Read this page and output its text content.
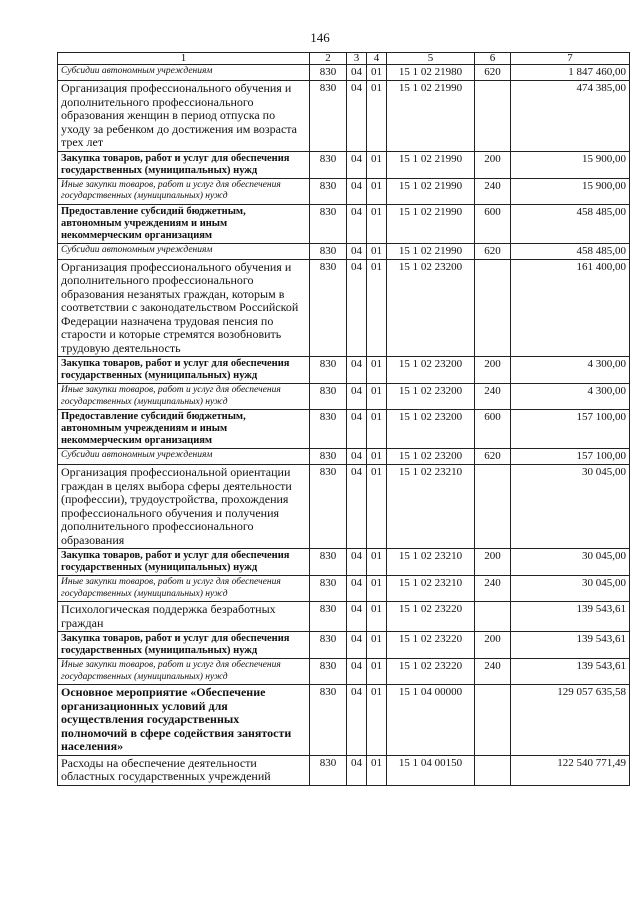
146
1	2	3	4	5	6	7
Субсидии автономным учреждениям	830	04	01	15 1 02 21980	620	1 847 460,00
Организация профессионального обучения и дополнительного профессионального образования женщин в период отпуска по уходу за ребенком до достижения им возраста трех лет	830	04	01	15 1 02 21990		474 385,00
Закупка товаров, работ и услуг для обеспечения государственных (муниципальных) нужд	830	04	01	15 1 02 21990	200	15 900,00
Иные закупки товаров, работ и услуг для обеспечения государственных (муниципальных) нужд	830	04	01	15 1 02 21990	240	15 900,00
Предоставление субсидий бюджетным, автономным учреждениям и иным некоммерческим организациям	830	04	01	15 1 02 21990	600	458 485,00
Субсидии автономным учреждениям	830	04	01	15 1 02 21990	620	458 485,00
Организация профессионального обучения и дополнительного профессионального образования незанятых граждан, которым в соответствии с законодательством Российской Федерации назначена трудовая пенсия по старости и которые стремятся возобновить трудовую деятельность	830	04	01	15 1 02 23200		161 400,00
Закупка товаров, работ и услуг для обеспечения государственных (муниципальных) нужд	830	04	01	15 1 02 23200	200	4 300,00
Иные закупки товаров, работ и услуг для обеспечения государственных (муниципальных) нужд	830	04	01	15 1 02 23200	240	4 300,00
Предоставление субсидий бюджетным, автономным учреждениям и иным некоммерческим организациям	830	04	01	15 1 02 23200	600	157 100,00
Субсидии автономным учреждениям	830	04	01	15 1 02 23200	620	157 100,00
Организация профессиональной ориентации граждан в целях выбора сферы деятельности (профессии), трудоустройства, прохождения профессионального обучения и получения дополнительного профессионального образования	830	04	01	15 1 02 23210		30 045,00
Закупка товаров, работ и услуг для обеспечения государственных (муниципальных) нужд	830	04	01	15 1 02 23210	200	30 045,00
Иные закупки товаров, работ и услуг для обеспечения государственных (муниципальных) нужд	830	04	01	15 1 02 23210	240	30 045,00
Психологическая поддержка безработных граждан	830	04	01	15 1 02 23220		139 543,61
Закупка товаров, работ и услуг для обеспечения государственных (муниципальных) нужд	830	04	01	15 1 02 23220	200	139 543,61
Иные закупки товаров, работ и услуг для обеспечения государственных (муниципальных) нужд	830	04	01	15 1 02 23220	240	139 543,61
Основное мероприятие «Обеспечение организационных условий для осуществления государственных полномочий в сфере содействия занятости населения»	830	04	01	15 1 04 00000		129 057 635,58
Расходы на обеспечение деятельности областных государственных учреждений	830	04	01	15 1 04 00150		122 540 771,49
